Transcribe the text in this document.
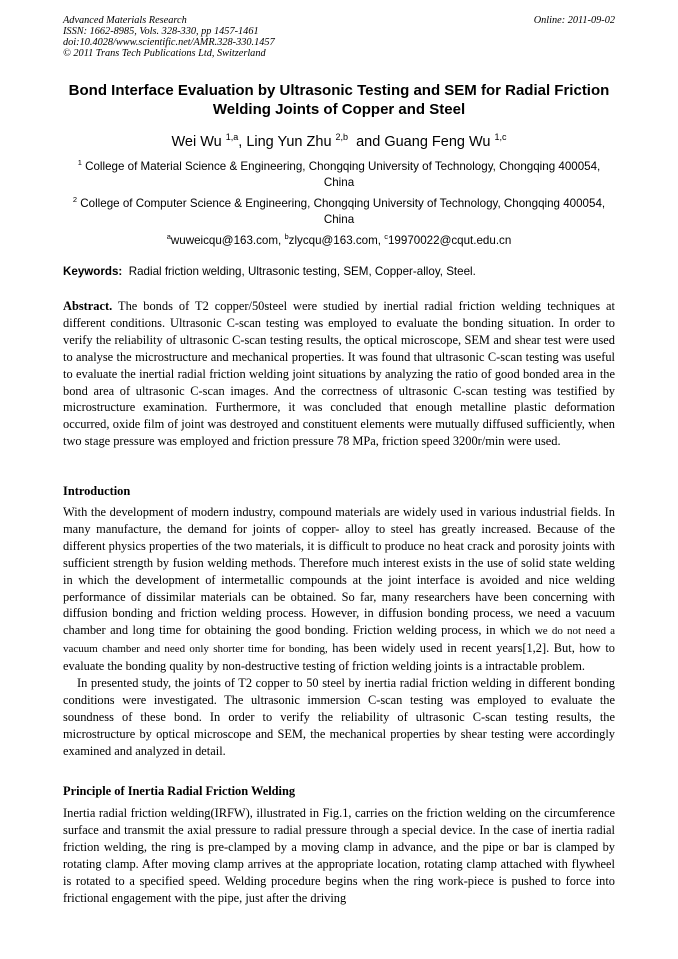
Advanced Materials Research
ISSN: 1662-8985, Vols. 328-330, pp 1457-1461
doi:10.4028/www.scientific.net/AMR.328-330.1457
© 2011 Trans Tech Publications Ltd, Switzerland
Online: 2011-09-02
Bond Interface Evaluation by Ultrasonic Testing and SEM for Radial Friction Welding Joints of Copper and Steel
Wei Wu $^{1,a}$, Ling Yun Zhu $^{2,b}$  and Guang Feng Wu $^{1,c}$
$^1$ College of Material Science & Engineering, Chongqing University of Technology, Chongqing 400054, China
$^2$ College of Computer Science & Engineering, Chongqing University of Technology, Chongqing 400054, China
$^a$wuweicqu@163.com, $^b$zlycqu@163.com, $^c$19970022@cqut.edu.cn
Keywords: Radial friction welding, Ultrasonic testing, SEM, Copper-alloy, Steel.
Abstract. The bonds of T2 copper/50steel were studied by inertial radial friction welding techniques at different conditions. Ultrasonic C-scan testing was employed to evaluate the bonding situation. In order to verify the reliability of ultrasonic C-scan testing results, the optical microscope, SEM and shear test were used to analyse the microstructure and mechanical properties. It was found that ultrasonic C-scan testing was useful to evaluate the inertial radial friction welding joint situations by analyzing the ratio of good bonded area in the bond area of ultrasonic C-scan images. And the correctness of ultrasonic C-scan testing was testified by microstructure examination. Furthermore, it was concluded that enough metalline plastic deformation occurred, oxide film of joint was destroyed and constituent elements were mutually diffused sufficiently, when two stage pressure was employed and friction pressure 78 MPa, friction speed 3200r/min were used.
Introduction

With the development of modern industry, compound materials are widely used in various industrial fields. In many manufacture, the demand for joints of copper- alloy to steel has greatly increased. Because of the different physics properties of the two materials, it is difficult to produce no heat crack and porosity joints with sufficient strength by fusion welding methods. Therefore much interest exists in the use of solid state welding in which the development of intermetallic compounds at the joint interface is avoided and nice welding performance of dissimilar materials can be obtained. So far, many researchers have been concerning with diffusion bonding and friction welding process. However, in diffusion bonding process, we need a vacuum chamber and long time for obtaining the good bonding. Friction welding process, in which we do not need a vacuum chamber and need only shorter time for bonding, has been widely used in recent years[1,2]. But, how to evaluate the bonding quality by non-destructive testing of friction welding joints is a intractable problem.

In presented study, the joints of T2 copper to 50 steel by inertia radial friction welding in different bonding conditions were investigated. The ultrasonic immersion C-scan testing was employed to evaluate the soundness of these bond. In order to verify the reliability of ultrasonic C-scan testing results, the microstructure by optical microscope and SEM, the mechanical properties by shear testing were accordingly examined and analyzed in detail.

Principle of Inertia Radial Friction Welding

Inertia radial friction welding(IRFW), illustrated in Fig.1, carries on the friction welding on the circumference surface and transmit the axial pressure to radial pressure through a special device. In the case of inertia radial friction welding, the ring is pre-clamped by a moving clamp in advance, and the pipe or bar is clamped by rotating clamp. After moving clamp arrives at the appropriate location, rotating clamp attached with flywheel is rotated to a specified speed. Welding procedure begins when the ring work-piece is pushed to force into frictional engagement with the pipe, just after the driving
